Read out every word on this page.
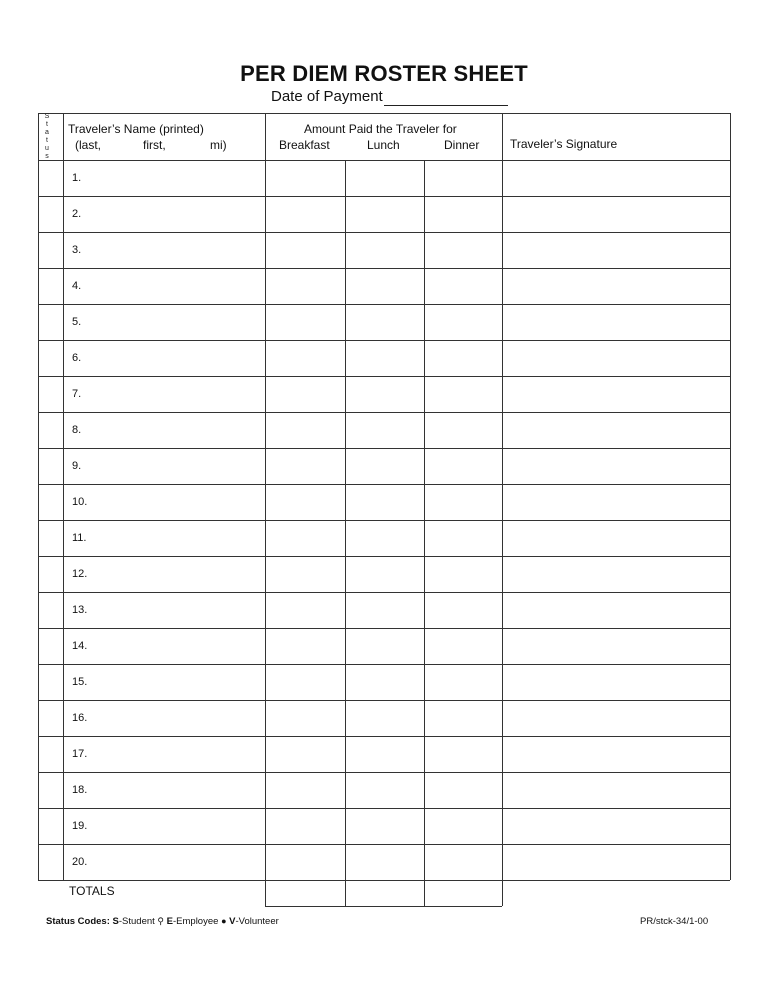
PER DIEM ROSTER SHEET
Date of Payment
S
t
a
t
u
s
Traveler’s Name (printed)
(last,	first,	mi)
Amount Paid the Traveler for
Breakfast	Lunch	Dinner	Traveler’s Signature
1.
2.
3.
4.
5.
6.
7.
8.
9.
10.
11.
12.
13.
14.
15.
16.
17.
18.
19.
20.
TOTALS
Status Codes: S-Student ⚲ E-Employee ● V-Volunteer	PR/stck-34/1-00
